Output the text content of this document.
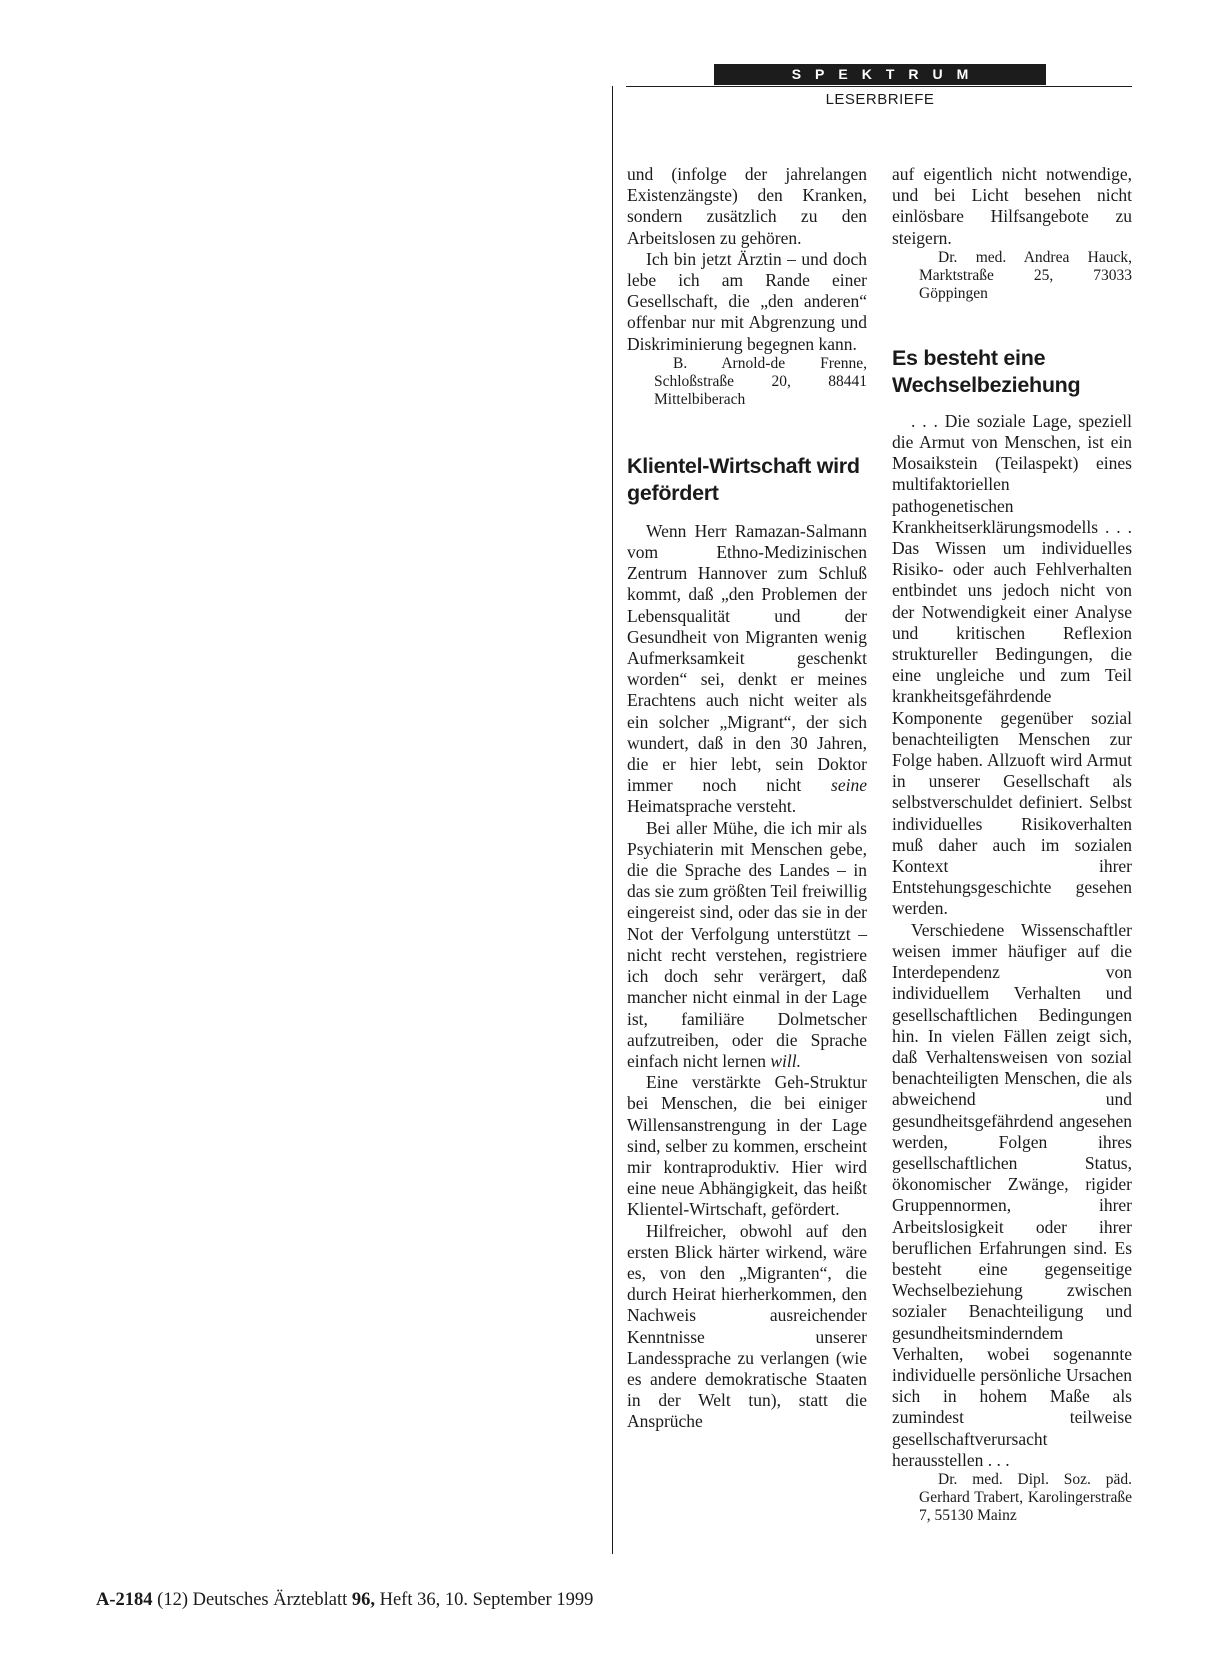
SPEKTRUM
LESERBRIEFE

und (infolge der jahrelangen Existenzängste) den Kranken, sondern zusätzlich zu den Arbeitslosen zu gehören.

Ich bin jetzt Ärztin – und doch lebe ich am Rande einer Gesellschaft, die „den anderen“ offenbar nur mit Abgrenzung und Diskriminierung begegnen kann.

B. Arnold-de Frenne, Schloßstraße 20, 88441 Mittelbiberach

Klientel-Wirtschaft wird gefördert

Wenn Herr Ramazan-Salmann vom Ethno-Medizinischen Zentrum Hannover zum Schluß kommt, daß „den Problemen der Lebensqualität und der Gesundheit von Migranten wenig Aufmerksamkeit geschenkt worden“ sei, denkt er meines Erachtens auch nicht weiter als ein solcher „Migrant“, der sich wundert, daß in den 30 Jahren, die er hier lebt, sein Doktor immer noch nicht seine Heimatsprache versteht.

Bei aller Mühe, die ich mir als Psychiaterin mit Menschen gebe, die die Sprache des Landes – in das sie zum größten Teil freiwillig eingereist sind, oder das sie in der Not der Verfolgung unterstützt – nicht recht verstehen, registriere ich doch sehr verärgert, daß mancher nicht einmal in der Lage ist, familiäre Dolmetscher aufzutreiben, oder die Sprache einfach nicht lernen will.

Eine verstärkte Geh-Struktur bei Menschen, die bei einiger Willensanstrengung in der Lage sind, selber zu kommen, erscheint mir kontraproduktiv. Hier wird eine neue Abhängigkeit, das heißt Klientel-Wirtschaft, gefördert.

Hilfreicher, obwohl auf den ersten Blick härter wirkend, wäre es, von den „Migranten“, die durch Heirat hierherkommen, den Nachweis ausreichender Kenntnisse unserer Landessprache zu verlangen (wie es andere demokratische Staaten in der Welt tun), statt die Ansprüche

auf eigentlich nicht notwendige, und bei Licht besehen nicht einlösbare Hilfsangebote zu steigern.

Dr. med. Andrea Hauck, Marktstraße 25, 73033 Göppingen

Es besteht eine Wechselbeziehung

. . . Die soziale Lage, speziell die Armut von Menschen, ist ein Mosaikstein (Teilaspekt) eines multifaktoriellen pathogenetischen Krankheitserklärungsmodells . . . Das Wissen um individuelles Risiko- oder auch Fehlverhalten entbindet uns jedoch nicht von der Notwendigkeit einer Analyse und kritischen Reflexion struktureller Bedingungen, die eine ungleiche und zum Teil krankheitsgefährdende Komponente gegenüber sozial benachteiligten Menschen zur Folge haben. Allzuoft wird Armut in unserer Gesellschaft als selbstverschuldet definiert. Selbst individuelles Risikoverhalten muß daher auch im sozialen Kontext ihrer Entstehungsgeschichte gesehen werden.

Verschiedene Wissenschaftler weisen immer häufiger auf die Interdependenz von individuellem Verhalten und gesellschaftlichen Bedingungen hin. In vielen Fällen zeigt sich, daß Verhaltensweisen von sozial benachteiligten Menschen, die als abweichend und gesundheitsgefährdend angesehen werden, Folgen ihres gesellschaftlichen Status, ökonomischer Zwänge, rigider Gruppennormen, ihrer Arbeitslosigkeit oder ihrer beruflichen Erfahrungen sind. Es besteht eine gegenseitige Wechselbeziehung zwischen sozialer Benachteiligung und gesundheitsminderndem Verhalten, wobei sogenannte individuelle persönliche Ursachen sich in hohem Maße als zumindest teilweise gesellschaftverursacht herausstellen . . .

Dr. med. Dipl. Soz. päd. Gerhard Trabert, Karolingerstraße 7, 55130 Mainz

A-2184 (12) Deutsches Ärzteblatt 96, Heft 36, 10. September 1999
